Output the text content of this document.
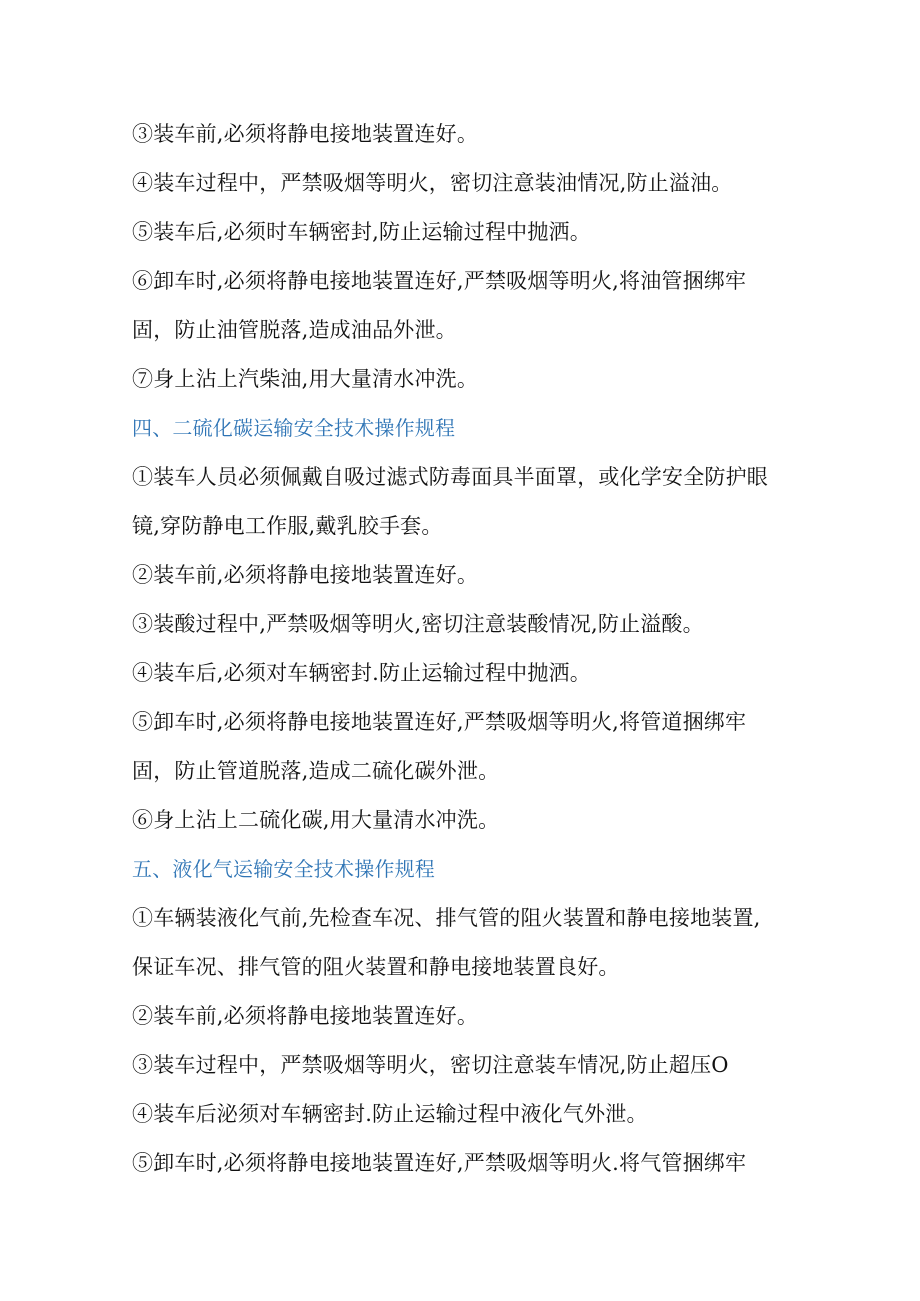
③装车前,必须将静电接地装置连好。
④装车过程中，严禁吸烟等明火，密切注意装油情况,防止溢油。
⑤装车后,必须时车辆密封,防止运输过程中抛洒。
⑥卸车时,必须将静电接地装置连好,严禁吸烟等明火,将油管捆绑牢
固，防止油管脱落,造成油品外泄。
⑦身上沾上汽柴油,用大量清水冲洗。
四、二硫化碳运输安全技术操作规程
①装车人员必须佩戴自吸过滤式防毒面具半面罩，或化学安全防护眼
镜,穿防静电工作服,戴乳胶手套。
②装车前,必须将静电接地装置连好。
③装酸过程中,严禁吸烟等明火,密切注意装酸情况,防止溢酸。
④装车后,必须对车辆密封.防止运输过程中抛洒。
⑤卸车时,必须将静电接地装置连好,严禁吸烟等明火,将管道捆绑牢
固，防止管道脱落,造成二硫化碳外泄。
⑥身上沾上二硫化碳,用大量清水冲洗。
五、液化气运输安全技术操作规程
①车辆装液化气前,先检查车况、排气管的阻火装置和静电接地装置,
保证车况、排气管的阻火装置和静电接地装置良好。
②装车前,必须将静电接地装置连好。
③装车过程中，严禁吸烟等明火，密切注意装车情况,防止超压O
④装车后泌须对车辆密封.防止运输过程中液化气外泄。
⑤卸车时,必须将静电接地装置连好,严禁吸烟等明火.将气管捆绑牢
